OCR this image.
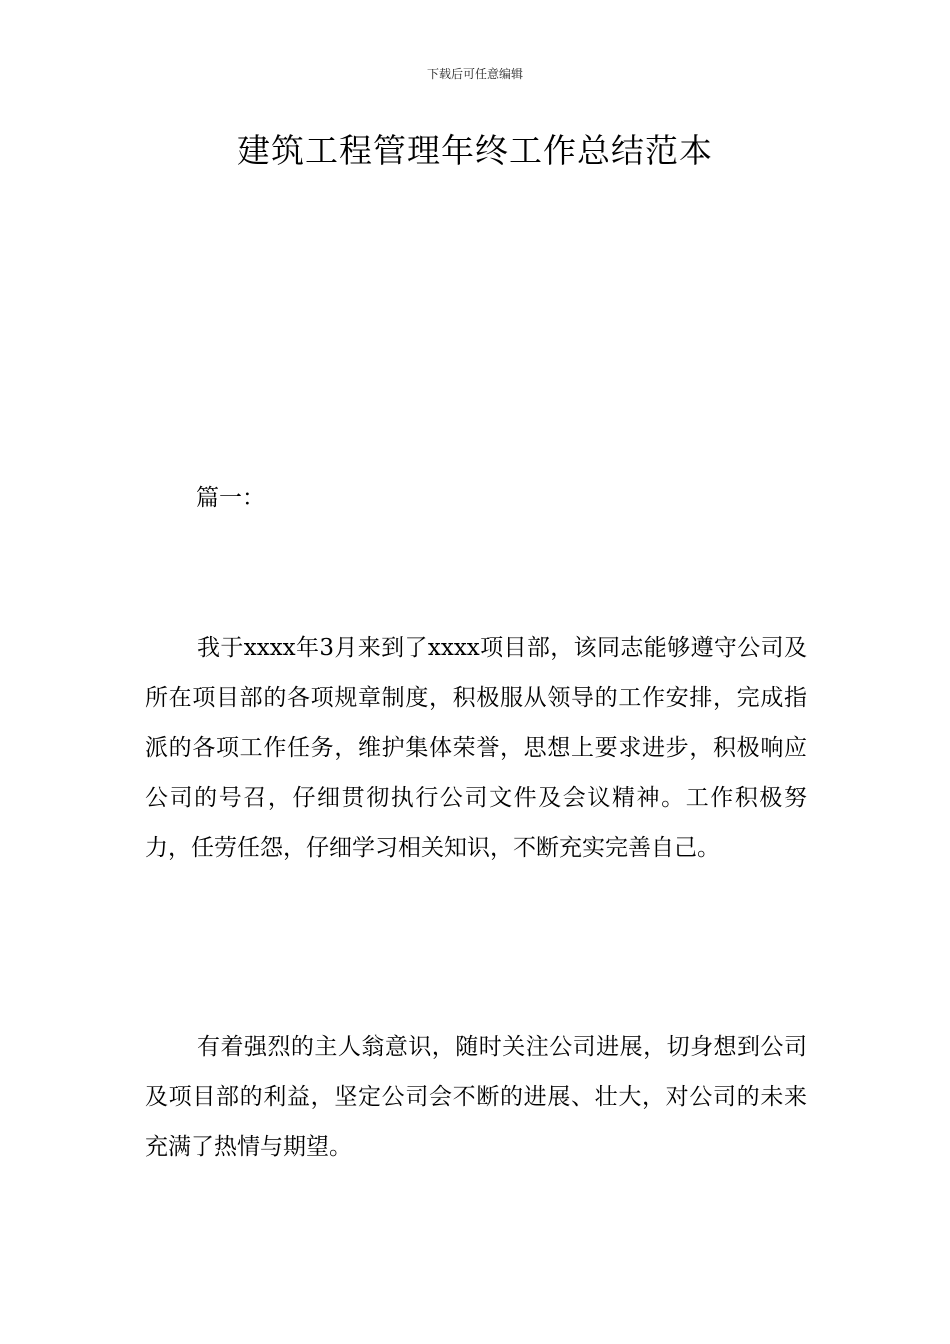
下载后可任意编辑
建筑工程管理年终工作总结范本
篇一：

我于xxxx年3月来到了xxxx项目部，该同志能够遵守公司及所在项目部的各项规章制度，积极服从领导的工作安排，完成指派的各项工作任务，维护集体荣誉，思想上要求进步，积极响应公司的号召，仔细贯彻执行公司文件及会议精神。工作积极努力，任劳任怨，仔细学习相关知识，不断充实完善自己。

有着强烈的主人翁意识，随时关注公司进展，切身想到公司及项目部的利益，坚定公司会不断的进展、壮大，对公司的未来充满了热情与期望。
